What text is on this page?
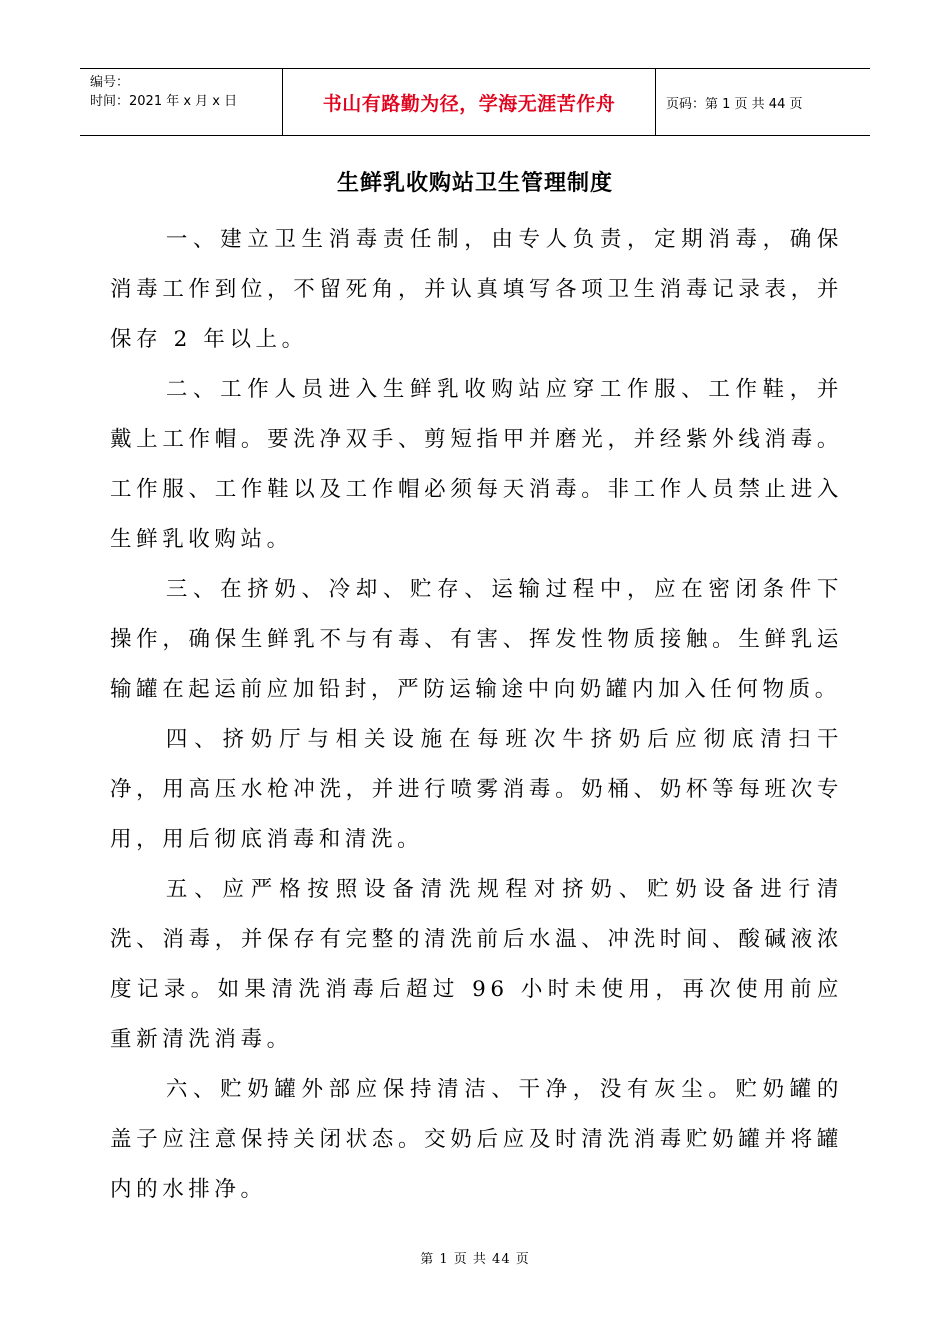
编号：
时间：2021 年 x 月 x 日	书山有路勤为径，学海无涯苦作舟	页码：第 1 页 共 44 页
生鲜乳收购站卫生管理制度

一、建立卫生消毒责任制，由专人负责，定期消毒，确保消毒工作到位，不留死角，并认真填写各项卫生消毒记录表，并保存 2 年以上。

二、工作人员进入生鲜乳收购站应穿工作服、工作鞋，并戴上工作帽。要洗净双手、剪短指甲并磨光，并经紫外线消毒。工作服、工作鞋以及工作帽必须每天消毒。非工作人员禁止进入生鲜乳收购站。

三、在挤奶、冷却、贮存、运输过程中，应在密闭条件下操作，确保生鲜乳不与有毒、有害、挥发性物质接触。生鲜乳运输罐在起运前应加铅封，严防运输途中向奶罐内加入任何物质。

四、挤奶厅与相关设施在每班次牛挤奶后应彻底清扫干净，用高压水枪冲洗，并进行喷雾消毒。奶桶、奶杯等每班次专用，用后彻底消毒和清洗。

五、应严格按照设备清洗规程对挤奶、贮奶设备进行清洗、消毒，并保存有完整的清洗前后水温、冲洗时间、酸碱液浓度记录。如果清洗消毒后超过 96 小时未使用，再次使用前应重新清洗消毒。

六、贮奶罐外部应保持清洁、干净，没有灰尘。贮奶罐的盖子应注意保持关闭状态。交奶后应及时清洗消毒贮奶罐并将罐内的水排净。

第 1 页 共 44 页
